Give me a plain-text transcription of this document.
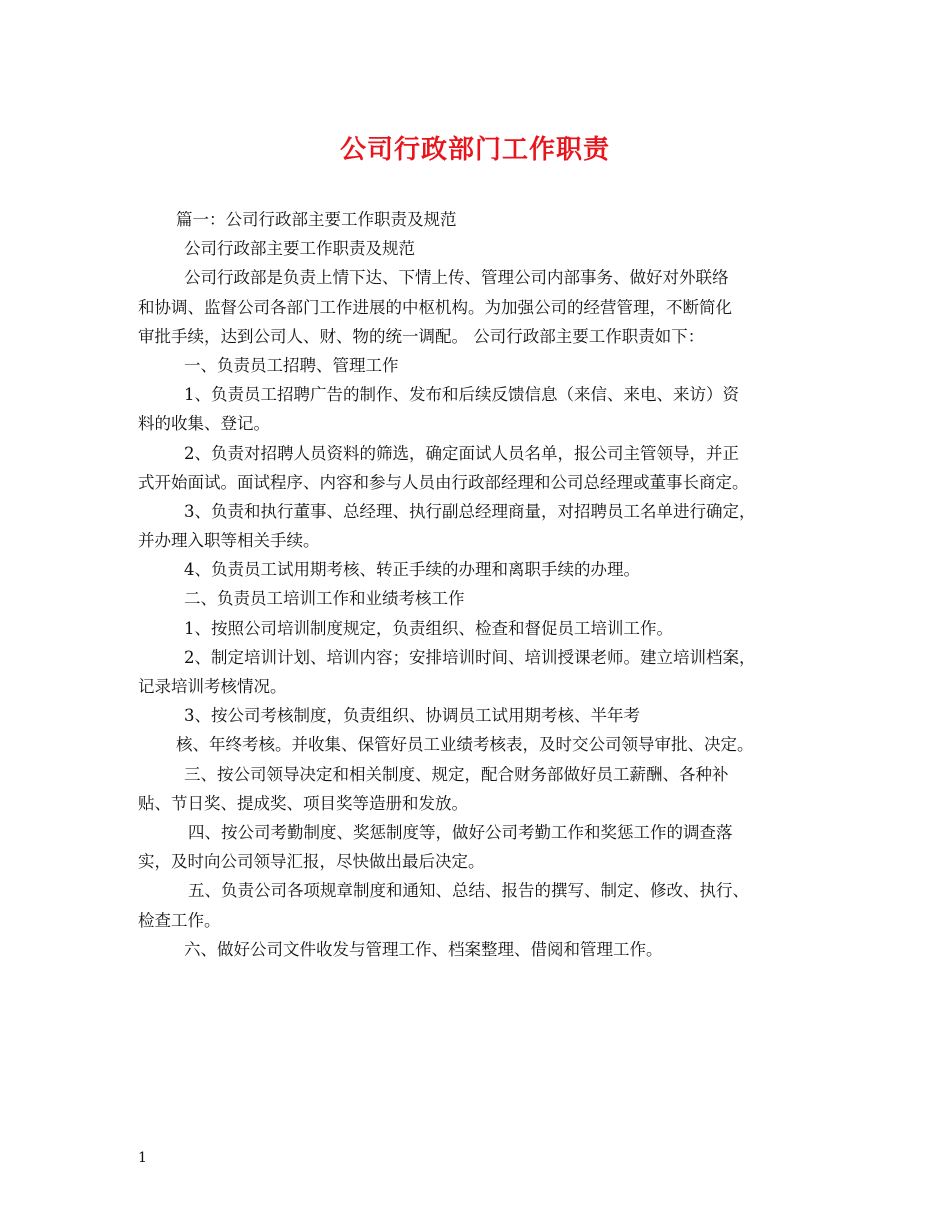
公司行政部门工作职责

篇一：公司行政部主要工作职责及规范

公司行政部主要工作职责及规范

公司行政部是负责上情下达、下情上传、管理公司内部事务、做好对外联络

和协调、监督公司各部门工作进展的中枢机构。为加强公司的经营管理，不断简化

审批手续，达到公司人、财、物的统一调配。 公司行政部主要工作职责如下：

一、负责员工招聘、管理工作

1、负责员工招聘广告的制作、发布和后续反馈信息（来信、来电、来访）资

料的收集、登记。

2、负责对招聘人员资料的筛选，确定面试人员名单，报公司主管领导，并正

式开始面试。面试程序、内容和参与人员由行政部经理和公司总经理或董事长商定。

3、负责和执行董事、总经理、执行副总经理商量，对招聘员工名单进行确定，

并办理入职等相关手续。

4、负责员工试用期考核、转正手续的办理和离职手续的办理。

二、负责员工培训工作和业绩考核工作

1、按照公司培训制度规定，负责组织、检查和督促员工培训工作。

2、制定培训计划、培训内容；安排培训时间、培训授课老师。建立培训档案，

记录培训考核情况。

3、按公司考核制度，负责组织、协调员工试用期考核、半年考

核、年终考核。并收集、保管好员工业绩考核表，及时交公司领导审批、决定。

三、按公司领导决定和相关制度、规定，配合财务部做好员工薪酬、各种补

贴、节日奖、提成奖、项目奖等造册和发放。

四、按公司考勤制度、奖惩制度等，做好公司考勤工作和奖惩工作的调查落

实，及时向公司领导汇报，尽快做出最后决定。

五、负责公司各项规章制度和通知、总结、报告的撰写、制定、修改、执行、

检查工作。

六、做好公司文件收发与管理工作、档案整理、借阅和管理工作。

1
